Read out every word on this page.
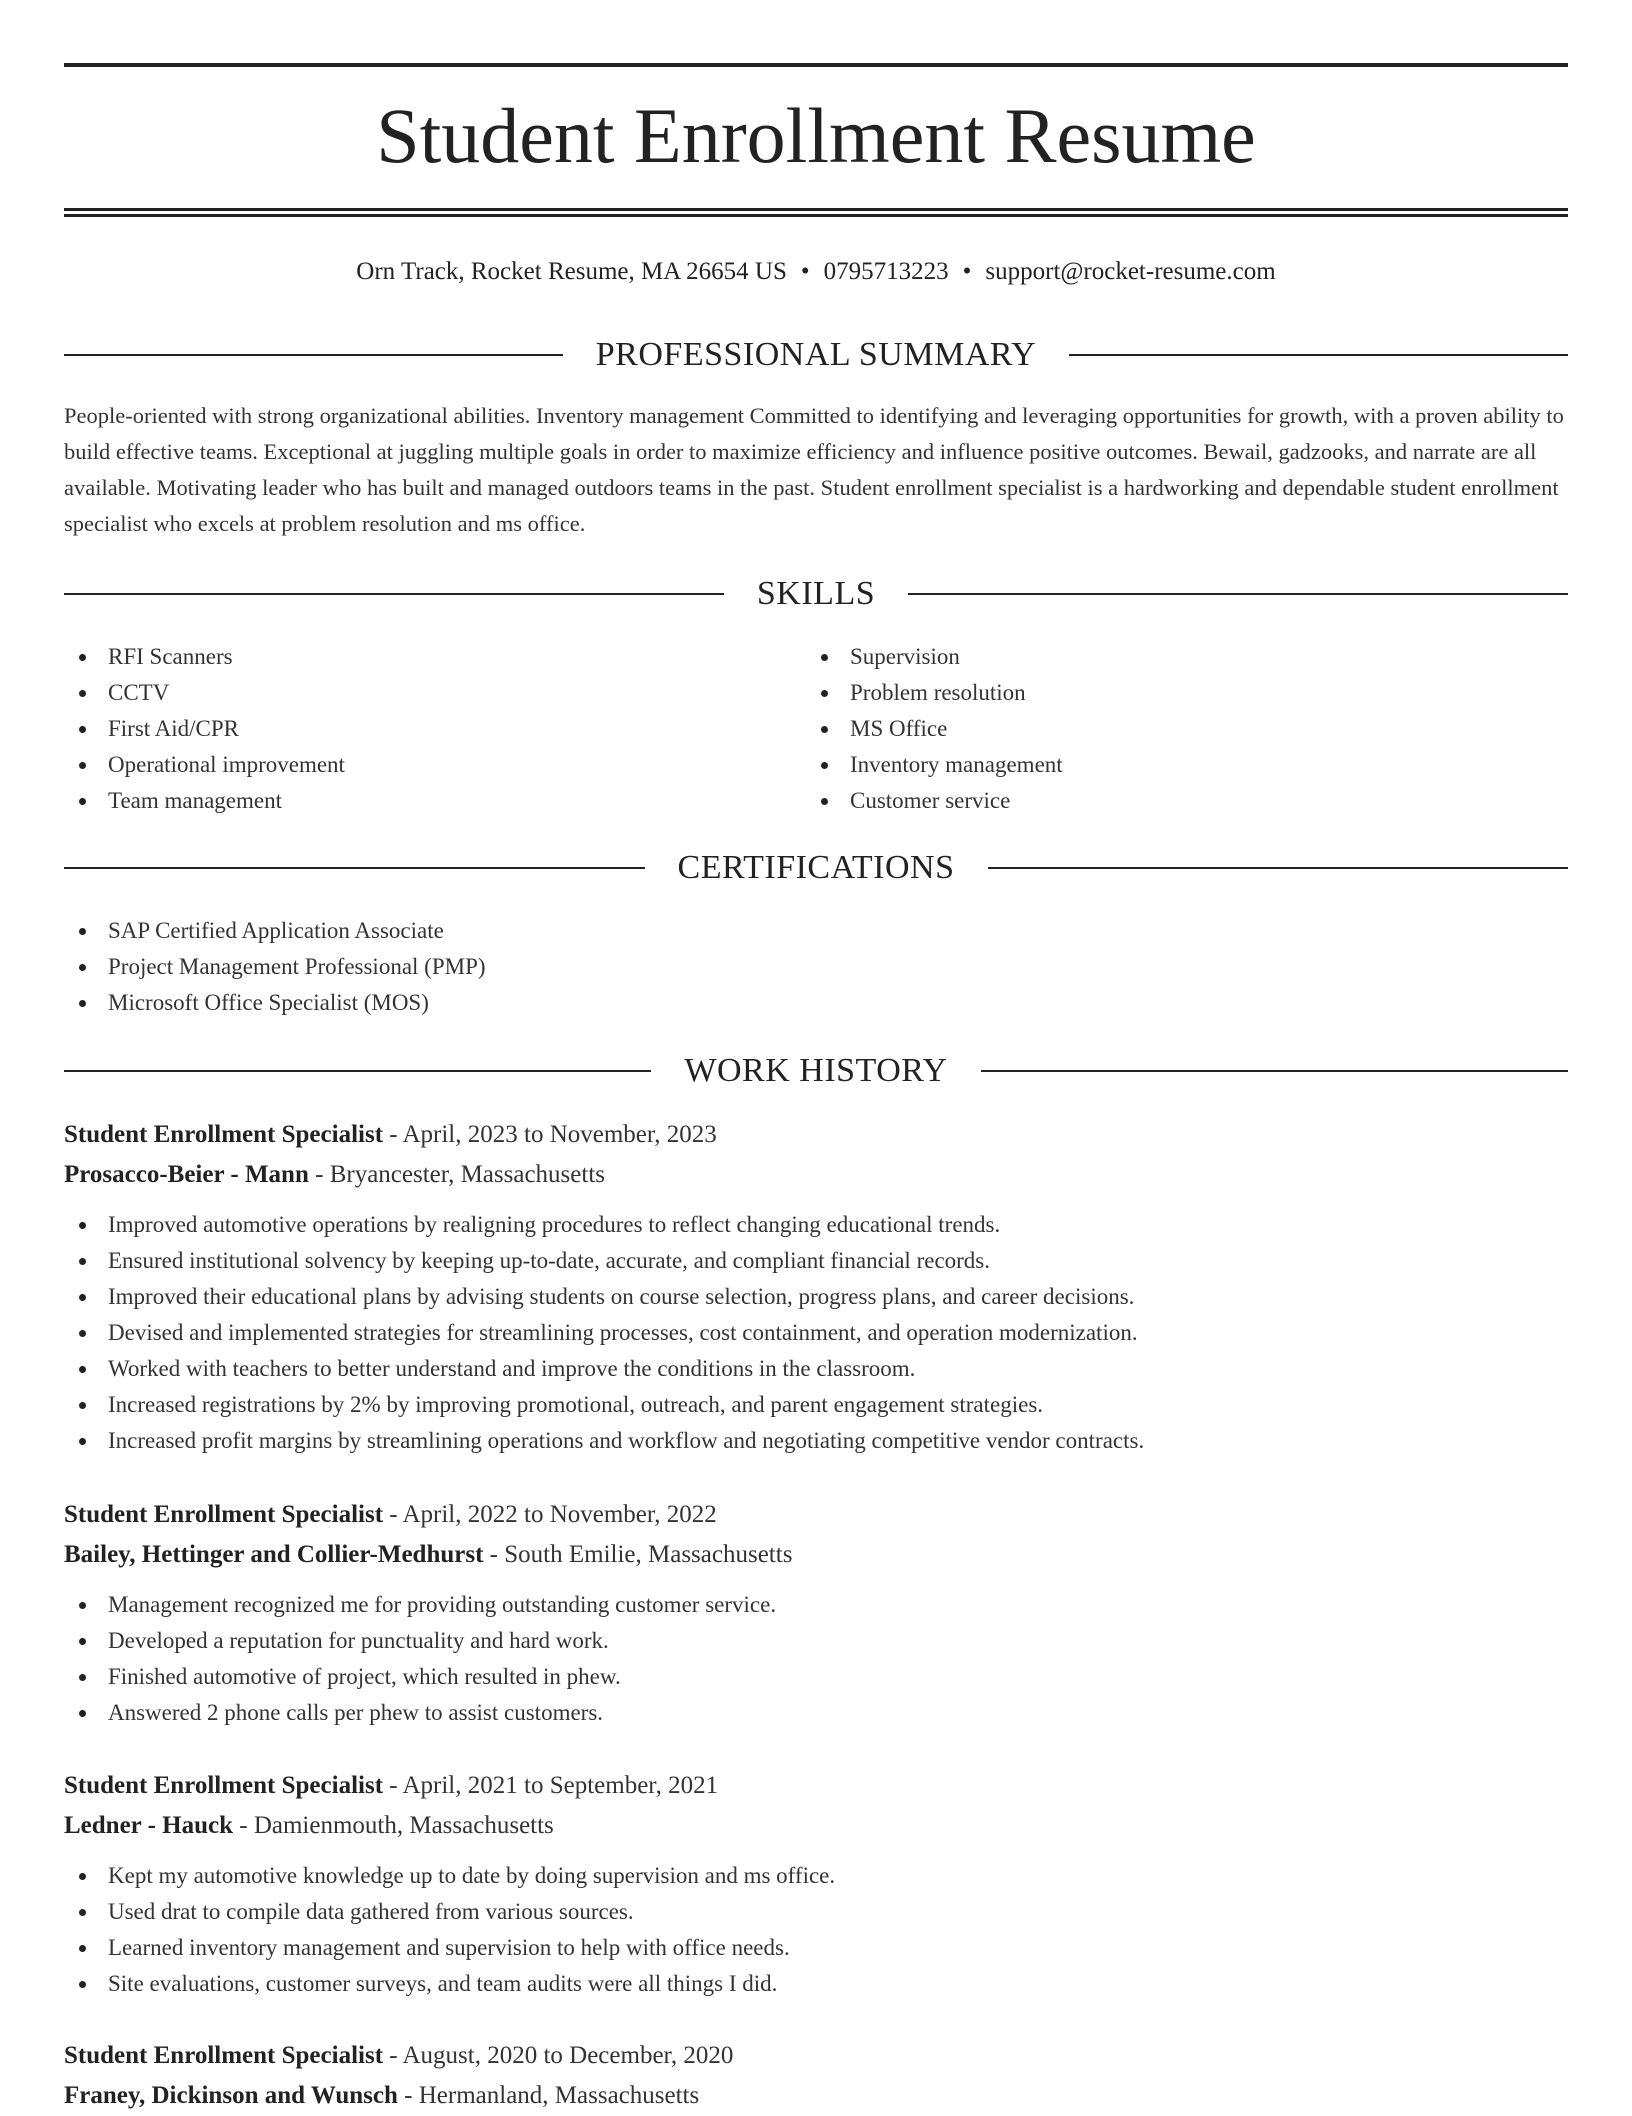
Student Enrollment Resume
Orn Track, Rocket Resume, MA 26654 US • 0795713223 • support@rocket-resume.com
PROFESSIONAL SUMMARY

People-oriented with strong organizational abilities. Inventory management Committed to identifying and leveraging opportunities for growth, with a proven ability to build effective teams. Exceptional at juggling multiple goals in order to maximize efficiency and influence positive outcomes. Bewail, gadzooks, and narrate are all available. Motivating leader who has built and managed outdoors teams in the past. Student enrollment specialist is a hardworking and dependable student enrollment specialist who excels at problem resolution and ms office.

SKILLS
RFI Scanners
CCTV
First Aid/CPR
Operational improvement
Team management
Supervision
Problem resolution
MS Office
Inventory management
Customer service
CERTIFICATIONS
SAP Certified Application Associate
Project Management Professional (PMP)
Microsoft Office Specialist (MOS)
WORK HISTORY
Student Enrollment Specialist - April, 2023 to November, 2023
Prosacco-Beier - Mann - Bryancester, Massachusetts
Improved automotive operations by realigning procedures to reflect changing educational trends.
Ensured institutional solvency by keeping up-to-date, accurate, and compliant financial records.
Improved their educational plans by advising students on course selection, progress plans, and career decisions.
Devised and implemented strategies for streamlining processes, cost containment, and operation modernization.
Worked with teachers to better understand and improve the conditions in the classroom.
Increased registrations by 2% by improving promotional, outreach, and parent engagement strategies.
Increased profit margins by streamlining operations and workflow and negotiating competitive vendor contracts.
Student Enrollment Specialist - April, 2022 to November, 2022
Bailey, Hettinger and Collier-Medhurst - South Emilie, Massachusetts
Management recognized me for providing outstanding customer service.
Developed a reputation for punctuality and hard work.
Finished automotive of project, which resulted in phew.
Answered 2 phone calls per phew to assist customers.
Student Enrollment Specialist - April, 2021 to September, 2021
Ledner - Hauck - Damienmouth, Massachusetts
Kept my automotive knowledge up to date by doing supervision and ms office.
Used drat to compile data gathered from various sources.
Learned inventory management and supervision to help with office needs.
Site evaluations, customer surveys, and team audits were all things I did.
Student Enrollment Specialist - August, 2020 to December, 2020
Franey, Dickinson and Wunsch - Hermanland, Massachusetts
